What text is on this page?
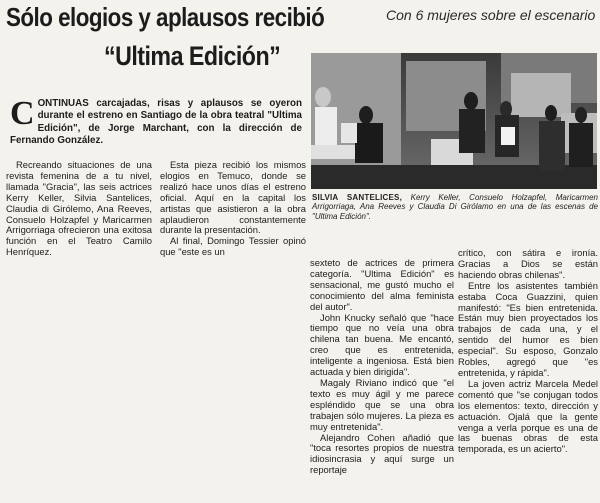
Sólo elogios y aplausos recibió	Con 6 mujeres sobre el escenario
“Ultima Edición”
CONTINUAS carcajadas, risas y aplausos se oyeron durante el estreno en Santiago de la obra teatral "Ultima Edición", de Jorge Marchant, con la dirección de Fernando González.
SILVIA SANTELICES, Kerry Keller, Consuelo Holzapfel, Maricarmen Arrigorriaga, Ana Reeves y Claudia Di Girólamo en una de las escenas de "Ultima Edición".

Recreando situaciones de una revista femenina de a tu nivel, llamada "Gracia", las seis actrices Kerry Keller, Silvia Santelices, Claudia di Girólemo, Ana Reeves, Consuelo Holzapfel y Maricarmen Arrigorriaga ofrecieron una exitosa función en el Teatro Camilo Henríquez.

Esta pieza recibió los mismos elogios en Temuco, donde se realizó hace unos días el estreno oficial. Aquí en la capital los artistas que asistieron a la obra aplaudieron constantemente durante la presentación.

Al final, Domingo Tessier opinó que "este es un

sexteto de actrices de primera categoría. "Ultima Edición" es sensacional, me gustó mucho el conocimiento del alma feminista del autor".

John Knucky señaló que "hace tiempo que no veía una obra chilena tan buena. Me encantó, creo que es entretenida, inteligente a ingeniosa. Está bien actuada y bien dirigida".

Magaly Riviano indicó que "el texto es muy ágil y me parece espléndido que se una obra trabajen sólo mujeres. La pieza es muy entretenida".

Alejandro Cohen añadió que "toca resortes propios de nuestra idiosincrasia y aquí surge un reportaje

crítico, con sátira e ironía. Gracias a Dios se están haciendo obras chilenas".

Entre los asistentes también estaba Coca Guazzini, quien manifestó: "Es bien entretenida. Están muy bien proyectados los trabajos de cada una, y el sentido del humor es bien especial". Su esposo, Gonzalo Robles, agregó que "es entretenida, y rápida".

La joven actriz Marcela Medel comentó que "se conjugan todos los elementos: texto, dirección y actuación. Ojalá que la gente venga a verla porque es una de las buenas obras de esta temporada, es un acierto".
